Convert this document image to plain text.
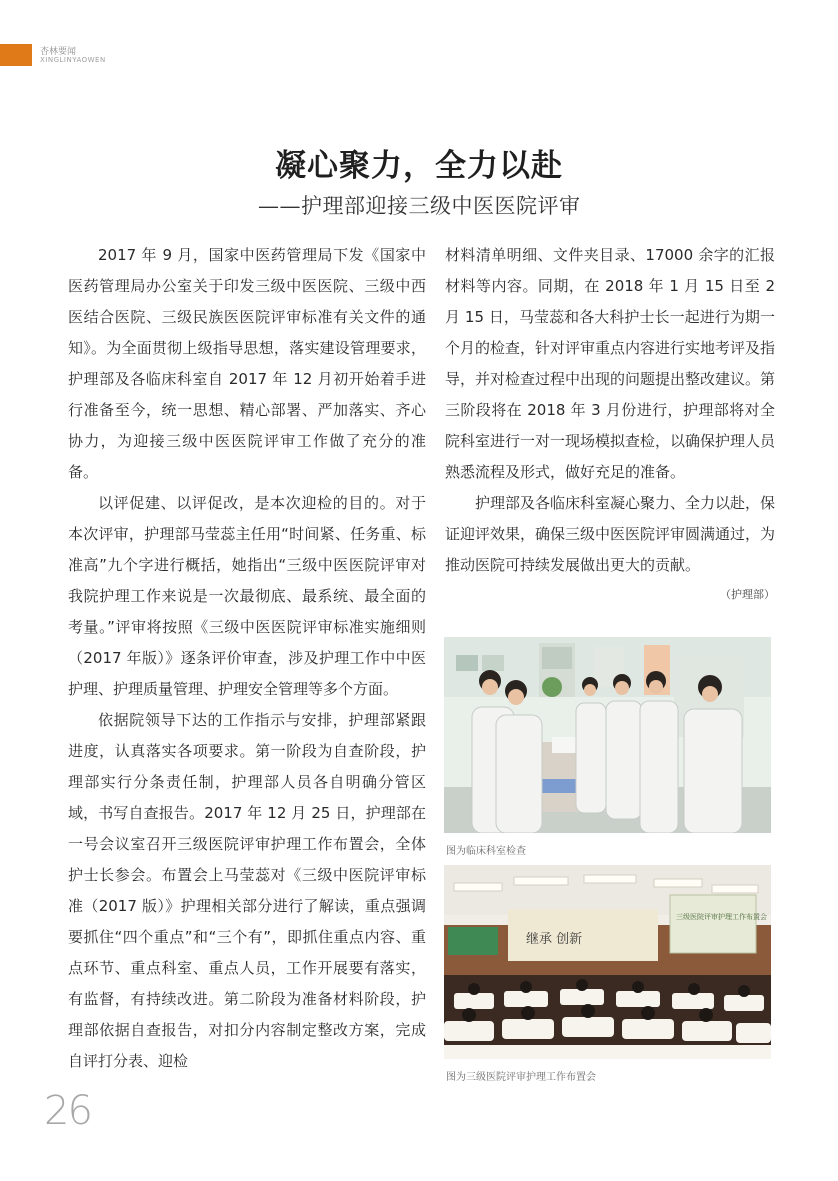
杏林要闻
XINGLINYAOWEN
凝心聚力，全力以赴
——护理部迎接三级中医医院评审

2017 年 9 月，国家中医药管理局下发《国家中医药管理局办公室关于印发三级中医医院、三级中西医结合医院、三级民族医医院评审标准有关文件的通知》。为全面贯彻上级指导思想，落实建设管理要求，护理部及各临床科室自 2017 年 12 月初开始着手进行准备至今，统一思想、精心部署、严加落实、齐心协力，为迎接三级中医医院评审工作做了充分的准备。

以评促建、以评促改，是本次迎检的目的。对于本次评审，护理部马莹蕊主任用“时间紧、任务重、标准高”九个字进行概括，她指出“三级中医医院评审对我院护理工作来说是一次最彻底、最系统、最全面的考量。”评审将按照《三级中医医院评审标准实施细则（2017 年版）》逐条评价审查，涉及护理工作中中医护理、护理质量管理、护理安全管理等多个方面。

依据院领导下达的工作指示与安排，护理部紧跟进度，认真落实各项要求。第一阶段为自查阶段，护理部实行分条责任制，护理部人员各自明确分管区域，书写自查报告。2017 年 12 月 25 日，护理部在一号会议室召开三级医院评审护理工作布置会，全体护士长参会。布置会上马莹蕊对《三级中医院评审标准（2017 版）》护理相关部分进行了解读，重点强调要抓住“四个重点”和“三个有”，即抓住重点内容、重点环节、重点科室、重点人员，工作开展要有落实，有监督，有持续改进。第二阶段为准备材料阶段，护理部依据自查报告，对扣分内容制定整改方案，完成自评打分表、迎检

材料清单明细、文件夹目录、17000 余字的汇报材料等内容。同期，在 2018 年 1 月 15 日至 2 月 15 日，马莹蕊和各大科护士长一起进行为期一个月的检查，针对评审重点内容进行实地考评及指导，并对检查过程中出现的问题提出整改建议。第三阶段将在 2018 年 3 月份进行，护理部将对全院科室进行一对一现场模拟查检，以确保护理人员熟悉流程及形式，做好充足的准备。

护理部及各临床科室凝心聚力、全力以赴，保证迎评效果，确保三级中医医院评审圆满通过，为推动医院可持续发展做出更大的贡献。

（护理部）

图为临床科室检查
继承 创新
三级医院评审护理工作布置会
图为三级医院评审护理工作布置会
26
